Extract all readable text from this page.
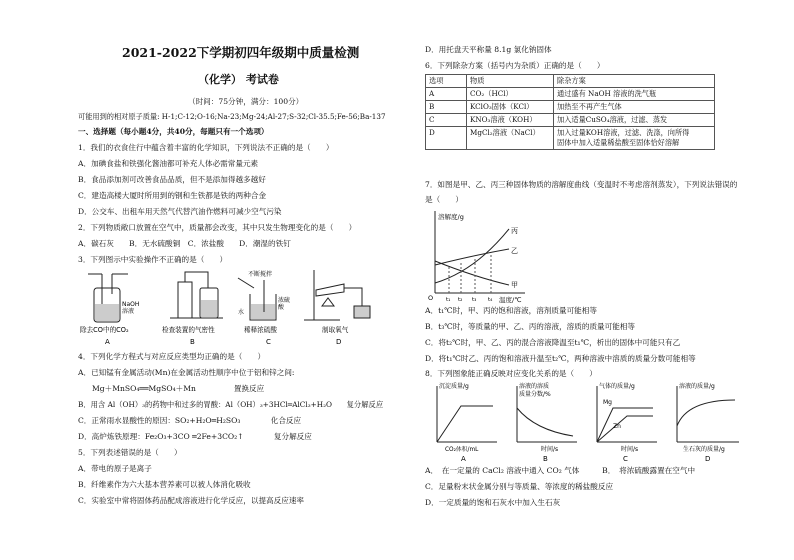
2021-2022下学期初四年级期中质量检测
（化学） 考试卷
（时间：75分钟，满分：100分）
可能用到的相对原子质量: H-1;C-12;O-16;Na-23;Mg-24;Al-27;S-32;Cl-35.5;Fe-56;Ba-137
一、选择题（每小题4分，共40分，每题只有一个选项）
1．我们的衣食住行中蕴含着丰富的化学知识，下列说法不正确的是（　　）
A．加碘食盐和铁强化酱油都可补充人体必需常量元素
B．食品添加剂可改善食品品质，但不是添加得越多越好
C．建造高楼大厦时所用到的钢和生铁都是铁的两种合金
D．公交车、出租车用天然气代替汽油作燃料可减少空气污染
2．下列物质敞口放置在空气中，质量都会改变，其中只发生物理变化的是（　　）
A．碳石灰　　B．无水硫酸铜　C．浓盐酸　　D．潮湿的铁钉
3．下列图示中实验操作不正确的是（　　）
NaOH
溶液
除去CO中的CO₂
A
检查装置的气密性
B
不断搅拌
浓硫
酸
水
稀释浓硫酸
C
制取氧气
D
4．下列化学方程式与对应反应类型均正确的是（　　）
A．已知锰有金属活动(Mn)在金属活动性顺序中位于铝和锌之间:
Mg＋MnSO₄══MgSO₄＋Mn　　　　　置换反应
B．用含 Al（OH）₃的药物中和过多的胃酸：Al（OH）₃+3HCl═AlCl₃+H₂O　　复分解反应
C．正常雨水显酸性的原因：SO₂+H₂O═H₂SO₃　　　　化合反应
D．高炉炼铁原理：Fe₂O₃+3CO ═2Fe+3CO₂↑　　　　复分解反应
5．下列表述错误的是（　　）
A．带电的原子是离子
B．纤维素作为六大基本营养素可以被人体消化吸收
C．实验室中常将固体药品配成溶液进行化学反应，以提高反应速率
D．用托盘天平称量 8.1g 氯化钠固体
6．下列除杂方案（括号内为杂质）正确的是（　　）
选项	物质	除杂方案
A	CO₂（HCl）	通过盛有 NaOH 溶液的洗气瓶
B	KClO₃固体（KCl）	加热至不再产生气体
C	KNO₃溶液（KOH）	加入适量CuSO₄溶液，过滤、蒸发
D	MgCl₂溶液（NaCl）	加入过量KOH溶液，过滤、洗涤，向所得
固体中加入适量稀盐酸至固体恰好溶解
7．如图是甲、乙、丙三种固体物质的溶解度曲线（变温时不考虑溶剂蒸发），下列说法错误的
是（　　）
溶解度/g
温度/℃
O
丙
乙
甲
t₁ t₂ t₃ t₄
A．t₁℃时，甲、丙的饱和溶液，溶剂质量可能相等
B．t₃℃时，等质量的甲、乙、丙的溶液，溶质的质量可能相等
C．将t₂℃时，甲、乙、丙的混合溶液降温至t₁℃，析出的固体中可能只有乙
D．将t₁℃时乙、丙的饱和溶液升温至t₂℃，两种溶液中溶质的质量分数可能相等
8．下列图象能正确反映对应变化关系的是（　　）
沉淀质量/g
CO₂体积/mL
A
溶液的溶质
质量分数/%
时间/s
B
气体的质量/g
Mg
Zn
时间/s
C
溶液的质量/g
生石灰的质量/g
D
A．　在一定量的 CaCl₂ 溶液中通入 CO₂ 气体　　　B．　将浓硫酸露置在空气中
C．足量粉末状金属分别与等质量、等浓度的稀盐酸反应
D．一定质量的饱和石灰水中加入生石灰
